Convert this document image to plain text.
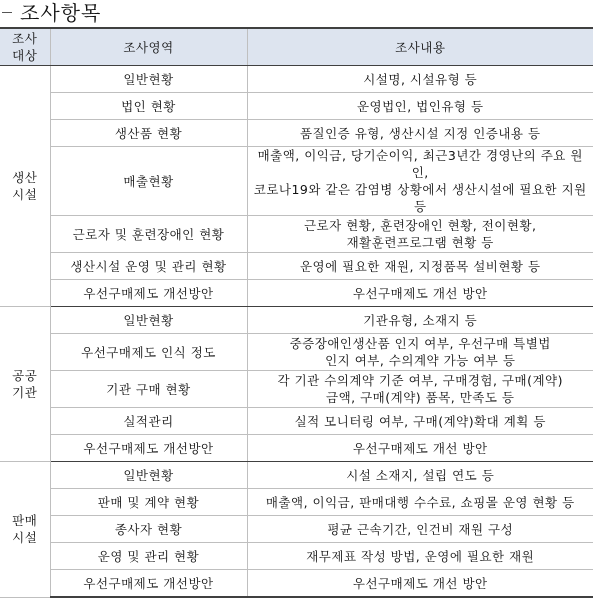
조사항목
조사
대상	조사영역	조사내용
생산
시설	일반현황	시설명, 시설유형 등
	법인 현황	운영법인, 법인유형 등
	생산품 현황	품질인증 유형, 생산시설 지정 인증내용 등
	매출현황	매출액, 이익금, 당기순이익, 최근3년간 경영난의 주요 원인,
코로나19와 같은 감염병 상황에서 생산시설에 필요한 지원 등
	근로자 및 훈련장애인 현황	근로자 현황, 훈련장애인 현황, 전이현황,
재활훈련프로그램 현황 등
	생산시설 운영 및 관리 현황	운영에 필요한 재원, 지정품목 설비현황 등
	우선구매제도 개선방안	우선구매제도 개선 방안
공공
기관	일반현황	기관유형, 소재지 등
	우선구매제도 인식 정도	중증장애인생산품 인지 여부, 우선구매 특별법
인지 여부, 수의계약 가능 여부 등
	기관 구매 현황	각 기관 수의계약 기준 여부, 구매경험, 구매(계약)
금액, 구매(계약) 품목, 만족도 등
	실적관리	실적 모니터링 여부, 구매(계약)확대 계획 등
	우선구매제도 개선방안	우선구매제도 개선 방안
판매
시설	일반현황	시설 소재지, 설립 연도 등
	판매 및 계약 현황	매출액, 이익금, 판매대행 수수료, 쇼핑몰 운영 현황 등
	종사자 현황	평균 근속기간, 인건비 재원 구성
	운영 및 관리 현황	재무제표 작성 방법, 운영에 필요한 재원
	우선구매제도 개선방안	우선구매제도 개선 방안
